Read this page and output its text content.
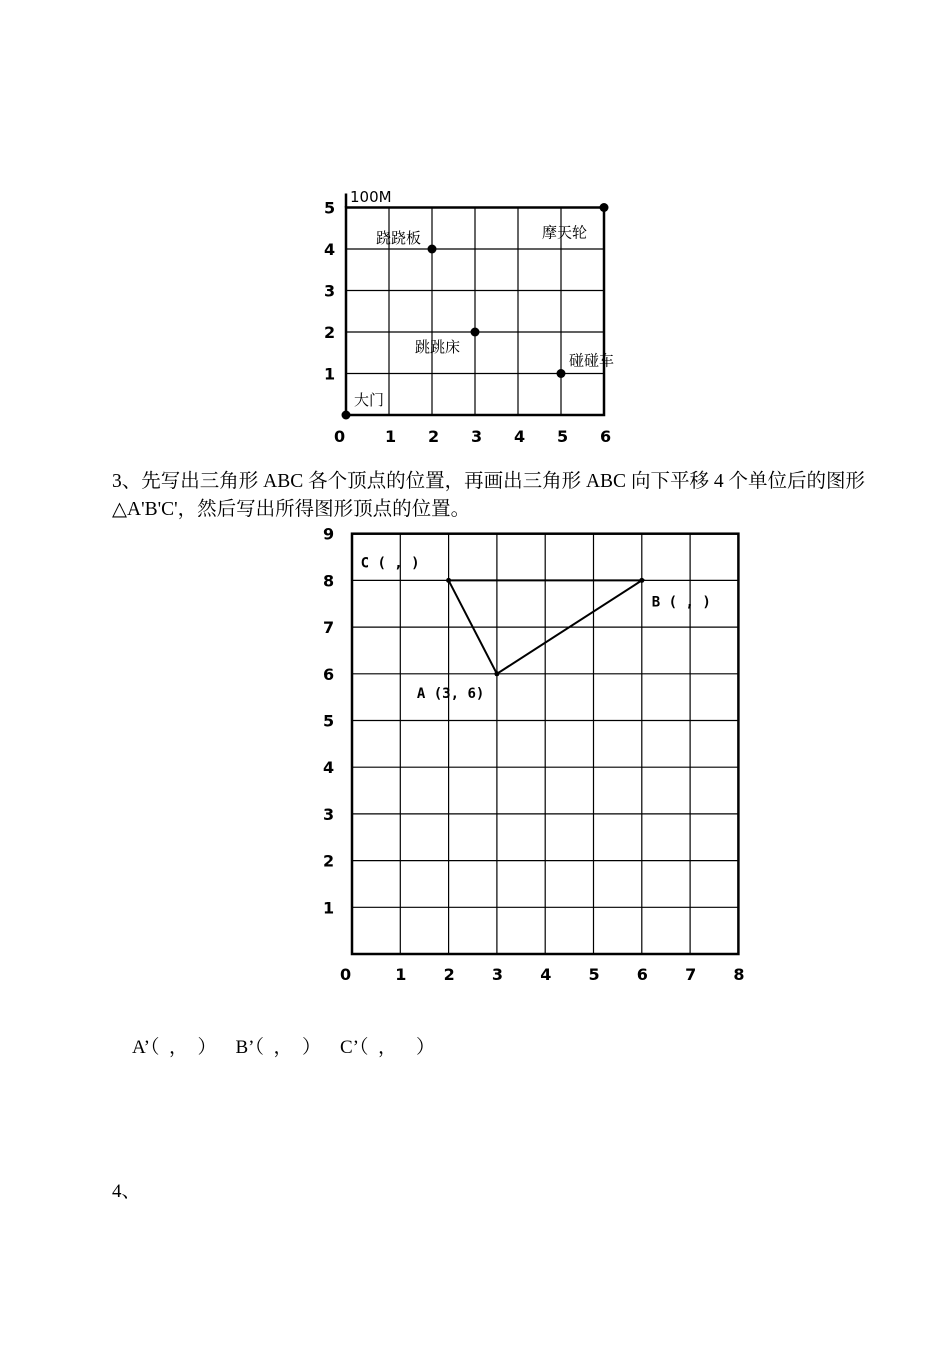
100M
0 1 2 3 4 5 6
1
2
3
4
5
大门
跷跷板	摩天轮
跳跳床
碰碰车
3、先写出三角形 ABC 各个顶点的位置，再画出三角形 ABC 向下平移 4 个单位后的图形△A'B'C'，然后写出所得图形顶点的位置。
0	1 2 3 4 5 6 7 8
1
2
3
4
5
6
7
8
9
A (3, 6)
B ( , )
C ( , )
A’（  ，  ） B’（  ，  ） C’（  ，    ）
4、
